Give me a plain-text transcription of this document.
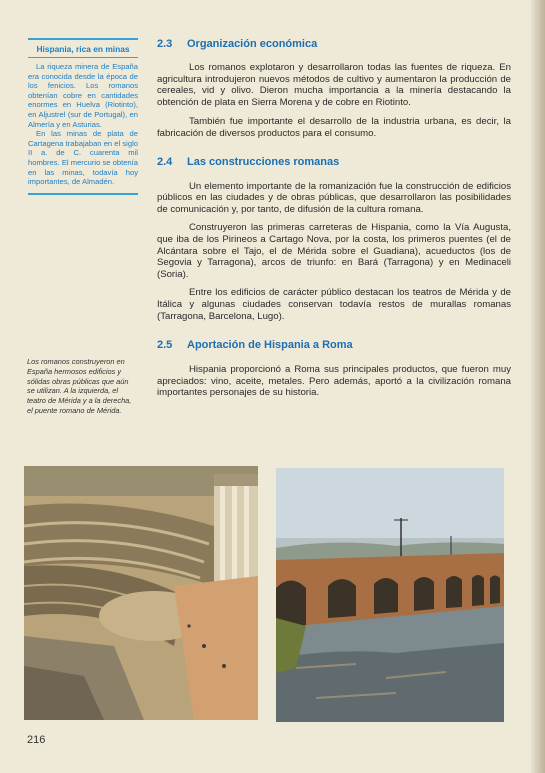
Hispania, rica en minas

La riqueza minera de España era conocida desde la época de los fenicios. Los romanos obtenían cobre en cantidades enormes en Huelva (Riotinto), en Aljustrel (sur de Portugal), en Almería y en Asturias.

En las minas de plata de Cartagena trabajaban en el siglo II a. de C. cuarenta mil hombres. El mercurio se obtenía en las minas, todavía hoy importantes, de Almadén.

Los romanos construyeron en España hermosos edificios y sólidas obras públicas que aún se utilizan. A la izquierda, el teatro de Mérida y a la derecha, el puente romano de Mérida.
2.3	Organización económica

Los romanos explotaron y desarrollaron todas las fuentes de riqueza. En agricultura introdujeron nuevos métodos de cultivo y aumentaron la producción de cereales, vid y olivo. Dieron mucha importancia a la minería destacando la obtención de plata en Sierra Morena y de cobre en Riotinto.

También fue importante el desarrollo de la industria urbana, es decir, la fabricación de diversos productos para el consumo.

2.4	Las construcciones romanas

Un elemento importante de la romanización fue la construcción de edificios públicos en las ciudades y de obras públicas, que desarrollaron las posibilidades de comunicación y, por tanto, de difusión de la cultura romana.

Construyeron las primeras carreteras de Hispania, como la Vía Augusta, que iba de los Pirineos a Cartago Nova, por la costa, los primeros puentes (el de Alcántara sobre el Tajo, el de Mérida sobre el Guadiana), acueductos (los de Segovia y Tarragona), arcos de triunfo: en Bará (Tarragona) y en Medinaceli (Soria).

Entre los edificios de carácter público destacan los teatros de Mérida y de Itálica y algunas ciudades conservan todavía restos de murallas romanas (Tarragona, Barcelona, Lugo).

2.5	Aportación de Hispania a Roma

Hispania proporcionó a Roma sus principales productos, que fueron muy apreciados: vino, aceite, metales. Pero además, aportó a la civilización romana importantes personajes de su historia.

216
